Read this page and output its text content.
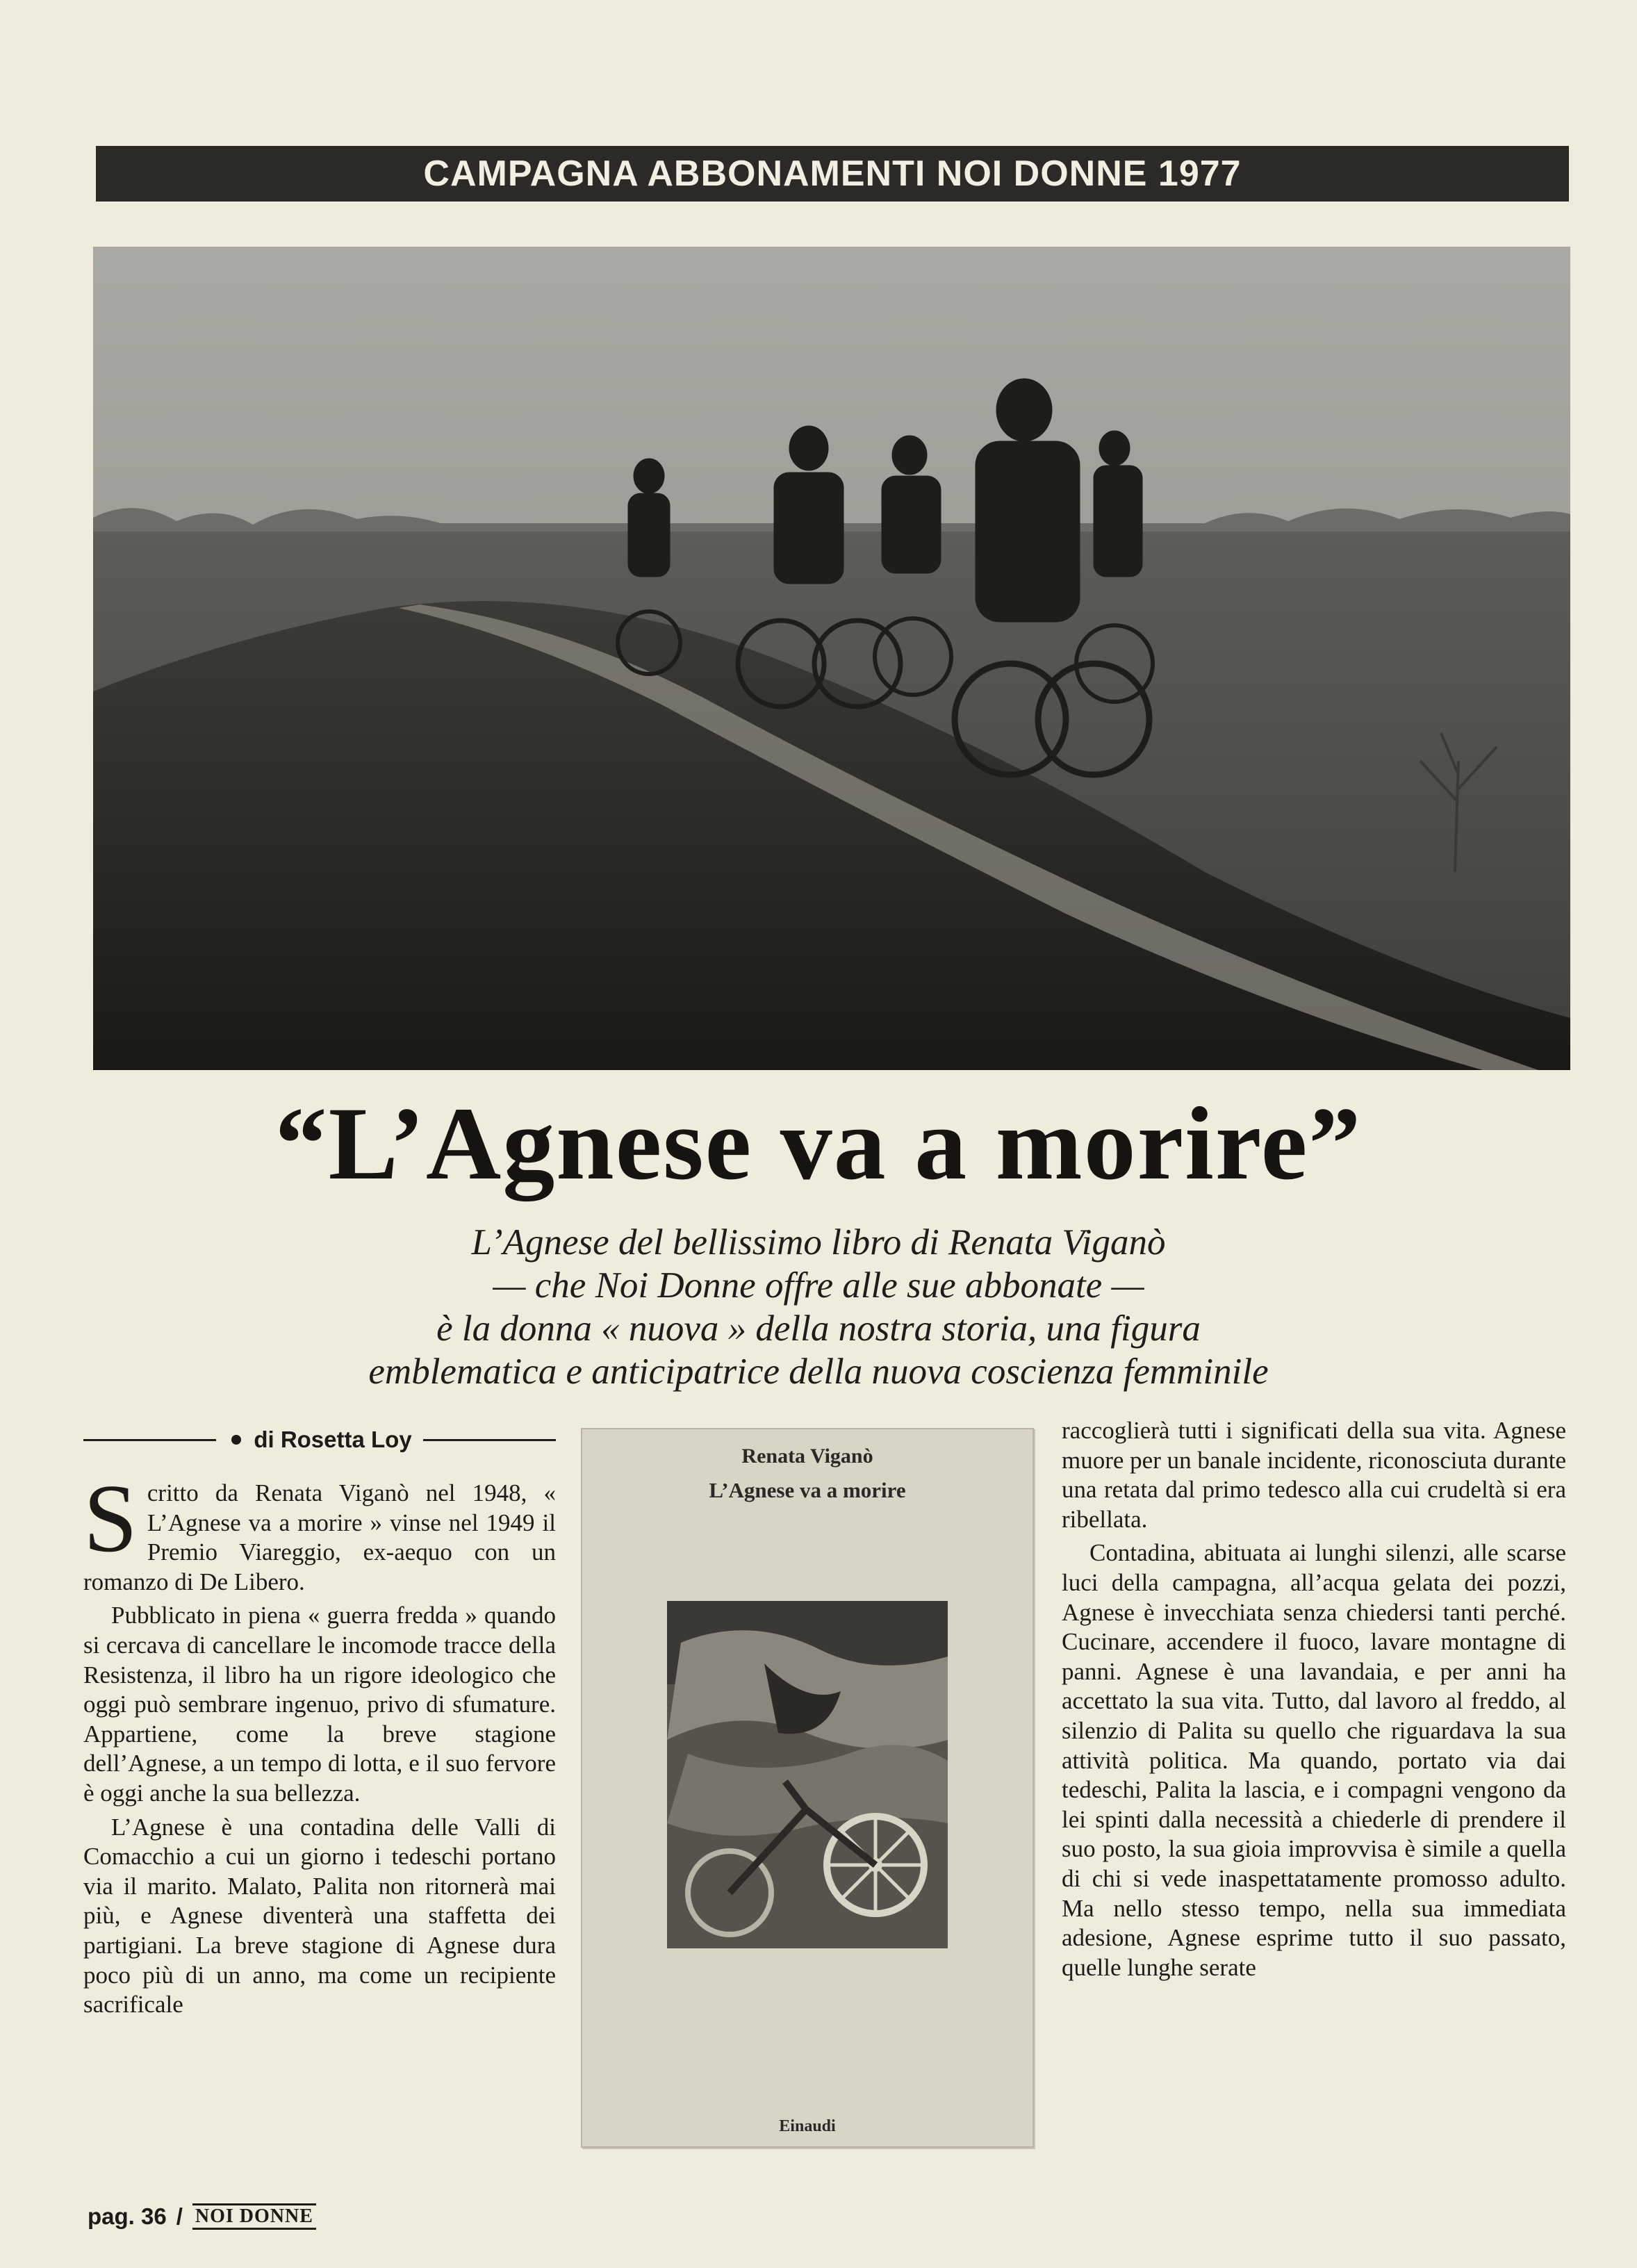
CAMPAGNA ABBONAMENTI NOI DONNE 1977
“L’Agnese va a morire”
L’Agnese del bellissimo libro di Renata Viganò
— che Noi Donne offre alle sue abbonate —
è la donna « nuova » della nostra storia, una figura
emblematica e anticipatrice della nuova coscienza femminile
di Rosetta Loy

Scritto da Renata Viganò nel 1948, « L’Agnese va a morire » vinse nel 1949 il Premio Viareggio, ex-aequo con un romanzo di De Libero.

Pubblicato in piena « guerra fredda » quando si cercava di cancellare le incomode tracce della Resistenza, il libro ha un rigore ideologico che oggi può sembrare ingenuo, privo di sfumature. Appartiene, come la breve stagione dell’Agnese, a un tempo di lotta, e il suo fervore è oggi anche la sua bellezza.

L’Agnese è una contadina delle Valli di Comacchio a cui un giorno i tedeschi portano via il marito. Malato, Palita non ritornerà mai più, e Agnese diventerà una staffetta dei partigiani. La breve stagione di Agnese dura poco più di un anno, ma come un recipiente sacrificale

Renata Viganò
L’Agnese va a morire
Einaudi

raccoglierà tutti i significati della sua vita. Agnese muore per un banale incidente, riconosciuta durante una retata dal primo tedesco alla cui crudeltà si era ribellata.

Contadina, abituata ai lunghi silenzi, alle scarse luci della campagna, all’acqua gelata dei pozzi, Agnese è invecchiata senza chiedersi tanti perché. Cucinare, accendere il fuoco, lavare montagne di panni. Agnese è una lavandaia, e per anni ha accettato la sua vita. Tutto, dal lavoro al freddo, al silenzio di Palita su quello che riguardava la sua attività politica. Ma quando, portato via dai tedeschi, Palita la lascia, e i compagni vengono da lei spinti dalla necessità a chiederle di prendere il suo posto, la sua gioia improvvisa è simile a quella di chi si vede inaspettatamente promosso adulto. Ma nello stesso tempo, nella sua immediata adesione, Agnese esprime tutto il suo passato, quelle lunghe serate

pag. 36 / NOI DONNE
